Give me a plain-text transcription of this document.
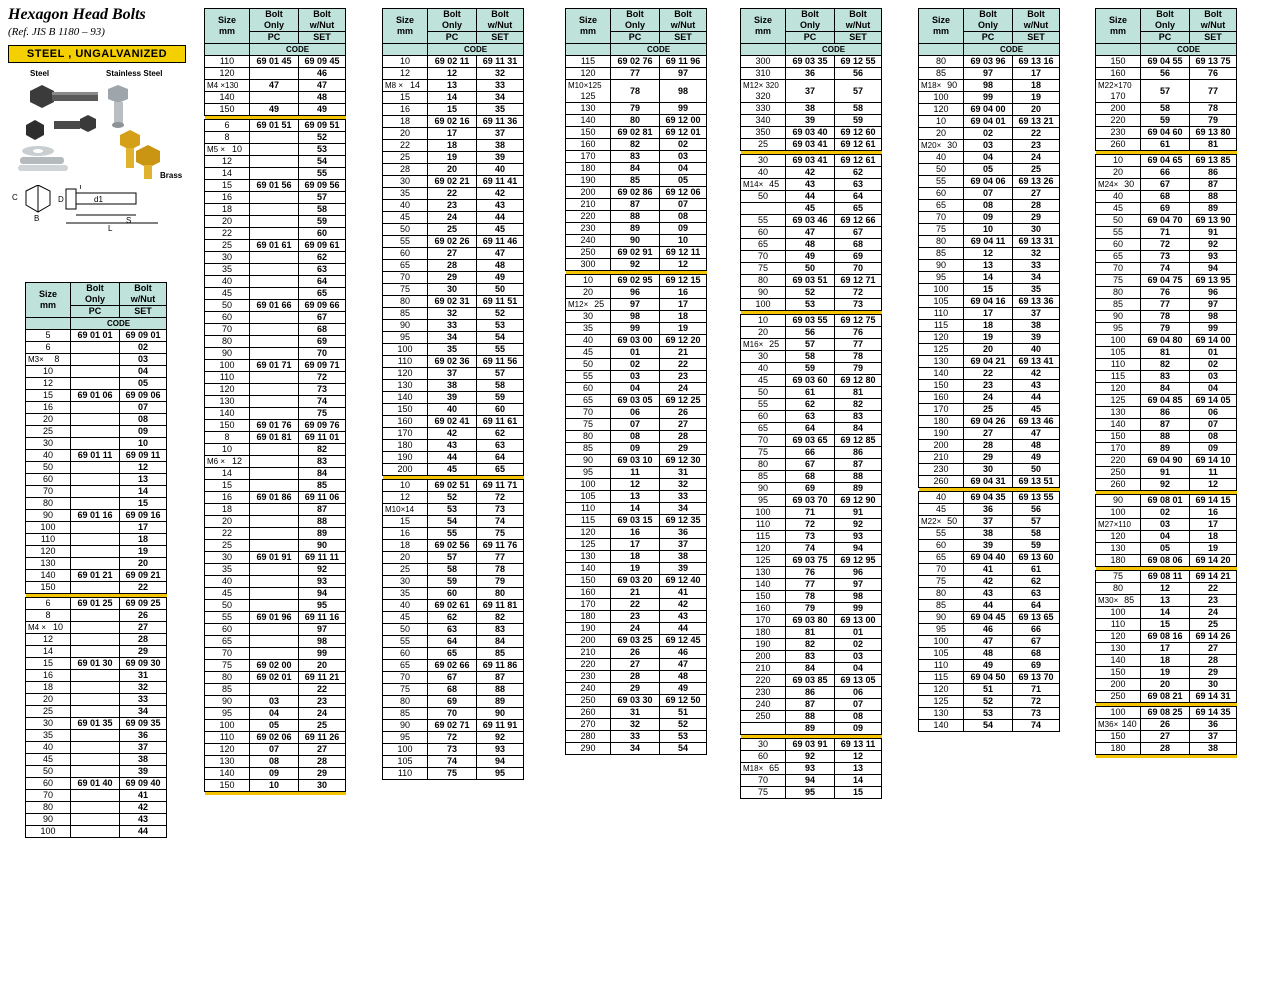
Hexagon Head Bolts
(Ref. JIS B 1180 – 93)
STEEL , UNGALVANIZED
Steel	Stainless Steel
Brass
C
B
T
D	d1
S
L
Size
mm
	Bolt
Only	Bolt
w/Nut
	PC	SET
	CODE	
5	69 01 01	69 09 01
6		02

M3× 8		03
10		04
12		05
15	69 01 06	69 09 06
16		07
20		08
25		09
30		10
40	69 01 11	69 09 11
50		12
60		13
70		14
80		15
90	69 01 16	69 09 16
100		17
110		18
120		19
130		20
140	69 01 21	69 09 21
150		22

6	69 01 25	69 09 25
8		26

M4 × 10		27
12		28
14		29
15	69 01 30	69 09 30
16		31
18		32
20		33
25		34
30	69 01 35	69 09 35
35		36
40		37
45		38
50		39
60	69 01 40	69 09 40
70		41
80		42
90		43
100		44
Size
mm
	Bolt
Only	Bolt
w/Nut
	PC	SET
	CODE	
110	69 01 45	69 09 45
120		46

M4 ×130	47	47
140		48
150	49	49

6	69 01 51	69 09 51
8		52

M5 × 10		53
12		54
14		55
15	69 01 56	69 09 56
16		57
18		58
20		59
22		60
25	69 01 61	69 09 61
30		62
35		63
40		64
45		65
50	69 01 66	69 09 66
60		67
70		68
80		69
90		70
100	69 01 71	69 09 71
110		72
120		73
130		74
140		75
150	69 01 76	69 09 76
8	69 01 81	69 11 01
10		82

M6 × 12		83
14		84
15		85
16	69 01 86	69 11 06
18		87
20		88
22		89
25		90
30	69 01 91	69 11 11
35		92
40		93
45		94
50		95
55	69 01 96	69 11 16
60		97
65		98
70		99
75	69 02 00	20
80	69 02 01	69 11 21
85		22
90	03	23
95	04	24
100	05	25
110	69 02 06	69 11 26
120	07	27
130	08	28
140	09	29
150	10	30

Size
mm
	Bolt
Only	Bolt
w/Nut
	PC	SET
	CODE	
10	69 02 11	69 11 31
12	12	32

M8 × 14	13	33
15	14	34
16	15	35
18	69 02 16	69 11 36
20	17	37
22	18	38
25	19	39
28	20	40
30	69 02 21	69 11 41
35	22	42
40	23	43
45	24	44
50	25	45
55	69 02 26	69 11 46
60	27	47
65	28	48
70	29	49
75	30	50
80	69 02 31	69 11 51
85	32	52
90	33	53
95	34	54
100	35	55
110	69 02 36	69 11 56
120	37	57
130	38	58
140	39	59
150	40	60
160	69 02 41	69 11 61
170	42	62
180	43	63
190	44	64
200	45	65

10	69 02 51	69 11 71
12	52	72

M10×14	53	73
15	54	74
16	55	75
18	69 02 56	69 11 76
20	57	77
25	58	78
30	59	79
35	60	80
40	69 02 61	69 11 81
45	62	82
50	63	83
55	64	84
60	65	85
65	69 02 66	69 11 86
70	67	87
75	68	88
80	69	89
85	70	90
90	69 02 71	69 11 91
95	72	92
100	73	93
105	74	94
110	75	95
Size
mm
	Bolt
Only	Bolt
w/Nut
	PC	SET
	CODE	
115	69 02 76	69 11 96
120	77	97

M10×125
125	78	98
130	79	99
140	80	69 12 00
150	69 02 81	69 12 01
160	82	02
170	83	03
180	84	04
190	85	05
200	69 02 86	69 12 06
210	87	07
220	88	08
230	89	09
240	90	10
250	69 02 91	69 12 11
300	92	12

10	69 02 95	69 12 15
20	96	16

M12× 25	97	17
30	98	18
35	99	19
40	69 03 00	69 12 20
45	01	21
50	02	22
55	03	23
60	04	24
65	69 03 05	69 12 25
70	06	26
75	07	27
80	08	28
85	09	29
90	69 03 10	69 12 30
95	11	31
100	12	32
105	13	33
110	14	34
115	69 03 15	69 12 35
120	16	36
125	17	37
130	18	38
140	19	39
150	69 03 20	69 12 40
160	21	41
170	22	42
180	23	43
190	24	44
200	69 03 25	69 12 45
210	26	46
220	27	47
230	28	48
240	29	49
250	69 03 30	69 12 50
260	31	51
270	32	52
280	33	53
290	34	54
Size
mm
	Bolt
Only	Bolt
w/Nut
	PC	SET
	CODE	
300	69 03 35	69 12 55
310	36	56

M12× 320
320	37	57
330	38	58
340	39	59
350	69 03 40	69 12 60
25	69 03 41	69 12 61

30	69 03 41	69 12 61
40	42	62

M14× 45	43	63
50	44	64
	45	65
55	69 03 46	69 12 66
60	47	67
65	48	68
70	49	69
75	50	70
80	69 03 51	69 12 71
90	52	72
100	53	73

10	69 03 55	69 12 75
20	56	76

M16× 25	57	77
30	58	78
40	59	79
45	69 03 60	69 12 80
50	61	81
55	62	82
60	63	83
65	64	84
70	69 03 65	69 12 85
75	66	86
80	67	87
85	68	88
90	69	89
95	69 03 70	69 12 90
100	71	91
110	72	92
115	73	93
120	74	94
125	69 03 75	69 12 95
130	76	96
140	77	97
150	78	98
160	79	99
170	69 03 80	69 13 00
180	81	01
190	82	02
200	83	03
210	84	04
220	69 03 85	69 13 05
230	86	06
240	87	07
250	88	08
	89	09

30	69 03 91	69 13 11
60	92	12

M18× 65	93	13
70	94	14
75	95	15
Size
mm
	Bolt
Only	Bolt
w/Nut
	PC	SET
	CODE	
80	69 03 96	69 13 16
85	97	17

M18× 90	98	18
100	99	19
120	69 04 00	20
10	69 04 01	69 13 21
20	02	22

M20× 30	03	23
40	04	24
50	05	25
55	69 04 06	69 13 26
60	07	27
65	08	28
70	09	29
75	10	30
80	69 04 11	69 13 31
85	12	32
90	13	33
95	14	34
100	15	35
105	69 04 16	69 13 36
110	17	37
115	18	38
120	19	39
125	20	40
130	69 04 21	69 13 41
140	22	42
150	23	43
160	24	44
170	25	45
180	69 04 26	69 13 46
190	27	47
200	28	48
210	29	49
230	30	50
260	69 04 31	69 13 51

40	69 04 35	69 13 55
45	36	56

M22× 50	37	57
55	38	58
60	39	59
65	69 04 40	69 13 60
70	41	61
75	42	62
80	43	63
85	44	64
90	69 04 45	69 13 65
95	46	66
100	47	67
105	48	68
110	49	69
115	69 04 50	69 13 70
120	51	71
125	52	72
130	53	73
140	54	74
Size
mm
	Bolt
Only	Bolt
w/Nut
	PC	SET
	CODE	
150	69 04 55	69 13 75
160	56	76

M22×170
170	57	77
200	58	78
220	59	79
230	69 04 60	69 13 80
260	61	81

10	69 04 65	69 13 85
20	66	86

M24× 30	67	87
40	68	88
45	69	89
50	69 04 70	69 13 90
55	71	91
60	72	92
65	73	93
70	74	94
75	69 04 75	69 13 95
80	76	96
85	77	97
90	78	98
95	79	99
100	69 04 80	69 14 00
105	81	01
110	82	02
115	83	03
120	84	04
125	69 04 85	69 14 05
130	86	06
140	87	07
150	88	08
170	89	09
220	69 04 90	69 14 10
250	91	11
260	92	12

90	69 08 01	69 14 15
100	02	16

M27×110	03	17
120	04	18
130	05	19
180	69 08 06	69 14 20

75	69 08 11	69 14 21
80	12	22

M30× 85	13	23
100	14	24
110	15	25
120	69 08 16	69 14 26
130	17	27
140	18	28
150	19	29
200	20	30
250	69 08 21	69 14 31

100	69 08 25	69 14 35

M36× 140	26	36
150	27	37
180	28	38
